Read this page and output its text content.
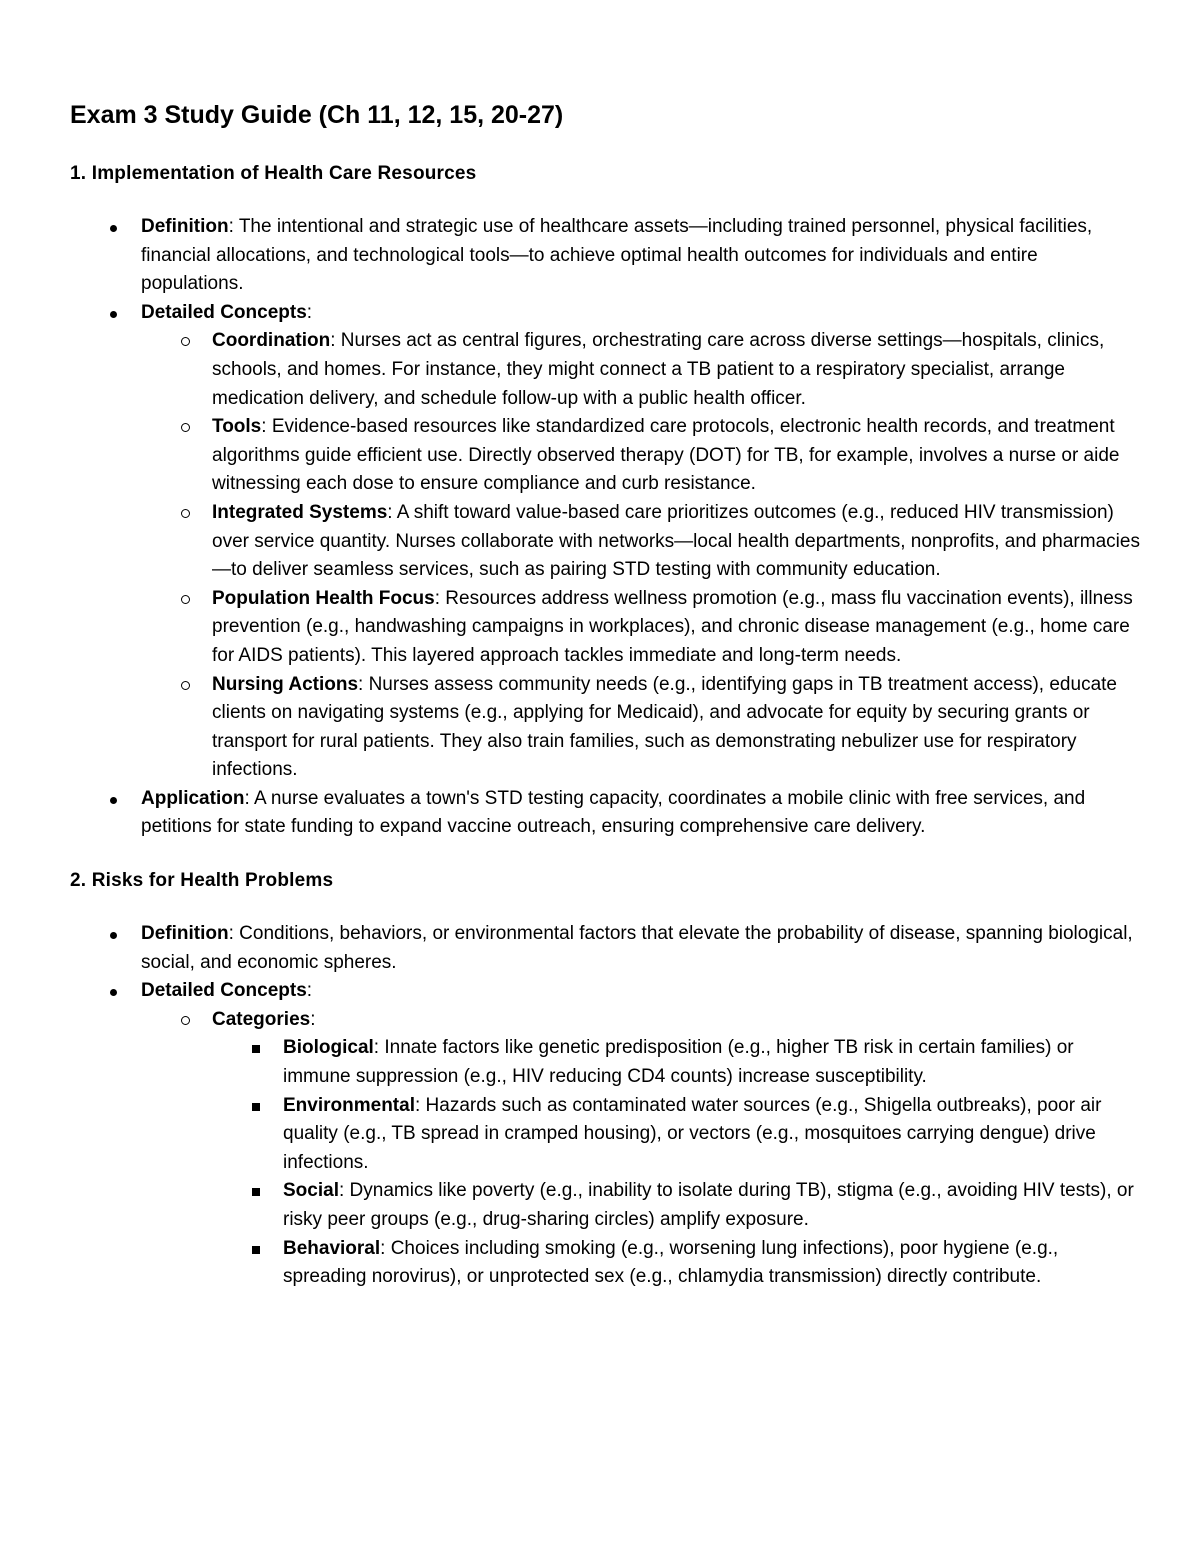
Exam 3 Study Guide (Ch 11, 12, 15, 20-27)
1. Implementation of Health Care Resources
Definition: The intentional and strategic use of healthcare assets—including trained personnel, physical facilities, financial allocations, and technological tools—to achieve optimal health outcomes for individuals and entire populations.
Detailed Concepts:
Coordination: Nurses act as central figures, orchestrating care across diverse settings—hospitals, clinics, schools, and homes. For instance, they might connect a TB patient to a respiratory specialist, arrange medication delivery, and schedule follow-up with a public health officer.
Tools: Evidence-based resources like standardized care protocols, electronic health records, and treatment algorithms guide efficient use. Directly observed therapy (DOT) for TB, for example, involves a nurse or aide witnessing each dose to ensure compliance and curb resistance.
Integrated Systems: A shift toward value-based care prioritizes outcomes (e.g., reduced HIV transmission) over service quantity. Nurses collaborate with networks—local health departments, nonprofits, and pharmacies—to deliver seamless services, such as pairing STD testing with community education.
Population Health Focus: Resources address wellness promotion (e.g., mass flu vaccination events), illness prevention (e.g., handwashing campaigns in workplaces), and chronic disease management (e.g., home care for AIDS patients). This layered approach tackles immediate and long-term needs.
Nursing Actions: Nurses assess community needs (e.g., identifying gaps in TB treatment access), educate clients on navigating systems (e.g., applying for Medicaid), and advocate for equity by securing grants or transport for rural patients. They also train families, such as demonstrating nebulizer use for respiratory infections.
Application: A nurse evaluates a town's STD testing capacity, coordinates a mobile clinic with free services, and petitions for state funding to expand vaccine outreach, ensuring comprehensive care delivery.
2. Risks for Health Problems
Definition: Conditions, behaviors, or environmental factors that elevate the probability of disease, spanning biological, social, and economic spheres.
Detailed Concepts:
Categories:
Biological: Innate factors like genetic predisposition (e.g., higher TB risk in certain families) or immune suppression (e.g., HIV reducing CD4 counts) increase susceptibility.
Environmental: Hazards such as contaminated water sources (e.g., Shigella outbreaks), poor air quality (e.g., TB spread in cramped housing), or vectors (e.g., mosquitoes carrying dengue) drive infections.
Social: Dynamics like poverty (e.g., inability to isolate during TB), stigma (e.g., avoiding HIV tests), or risky peer groups (e.g., drug-sharing circles) amplify exposure.
Behavioral: Choices including smoking (e.g., worsening lung infections), poor hygiene (e.g., spreading norovirus), or unprotected sex (e.g., chlamydia transmission) directly contribute.
